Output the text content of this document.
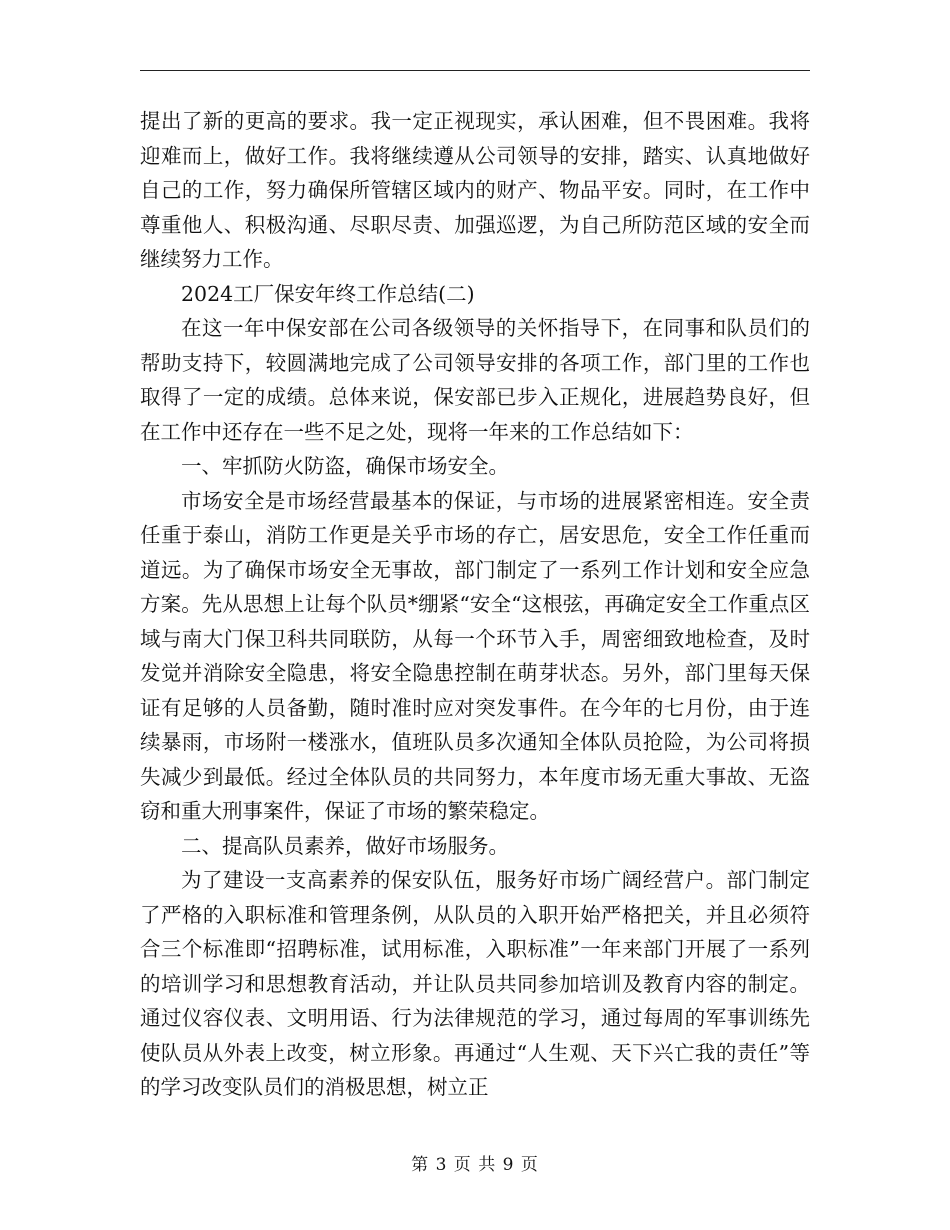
提出了新的更高的要求。我一定正视现实，承认困难，但不畏困难。我将迎难而上，做好工作。我将继续遵从公司领导的安排，踏实、认真地做好自己的工作，努力确保所管辖区域内的财产、物品平安。同时，在工作中尊重他人、积极沟通、尽职尽责、加强巡逻，为自己所防范区域的安全而继续努力工作。

2024工厂保安年终工作总结(二)

在这一年中保安部在公司各级领导的关怀指导下，在同事和队员们的帮助支持下，较圆满地完成了公司领导安排的各项工作，部门里的工作也取得了一定的成绩。总体来说，保安部已步入正规化，进展趋势良好，但在工作中还存在一些不足之处，现将一年来的工作总结如下：

一、牢抓防火防盗，确保市场安全。

市场安全是市场经营最基本的保证，与市场的进展紧密相连。安全责任重于泰山，消防工作更是关乎市场的存亡，居安思危，安全工作任重而道远。为了确保市场安全无事故，部门制定了一系列工作计划和安全应急方案。先从思想上让每个队员*绷紧“安全“这根弦，再确定安全工作重点区域与南大门保卫科共同联防，从每一个环节入手，周密细致地检查，及时发觉并消除安全隐患，将安全隐患控制在萌芽状态。另外，部门里每天保证有足够的人员备勤，随时准时应对突发事件。在今年的七月份，由于连续暴雨，市场附一楼涨水，值班队员多次通知全体队员抢险，为公司将损失减少到最低。经过全体队员的共同努力，本年度市场无重大事故、无盗窃和重大刑事案件，保证了市场的繁荣稳定。

二、提高队员素养，做好市场服务。

为了建设一支高素养的保安队伍，服务好市场广阔经营户。部门制定了严格的入职标准和管理条例，从队员的入职开始严格把关，并且必须符合三个标准即“招聘标准，试用标准，入职标准”一年来部门开展了一系列的培训学习和思想教育活动，并让队员共同参加培训及教育内容的制定。通过仪容仪表、文明用语、行为法律规范的学习，通过每周的军事训练先使队员从外表上改变，树立形象。再通过“人生观、天下兴亡我的责任”等的学习改变队员们的消极思想，树立正

第 3 页 共 9 页
